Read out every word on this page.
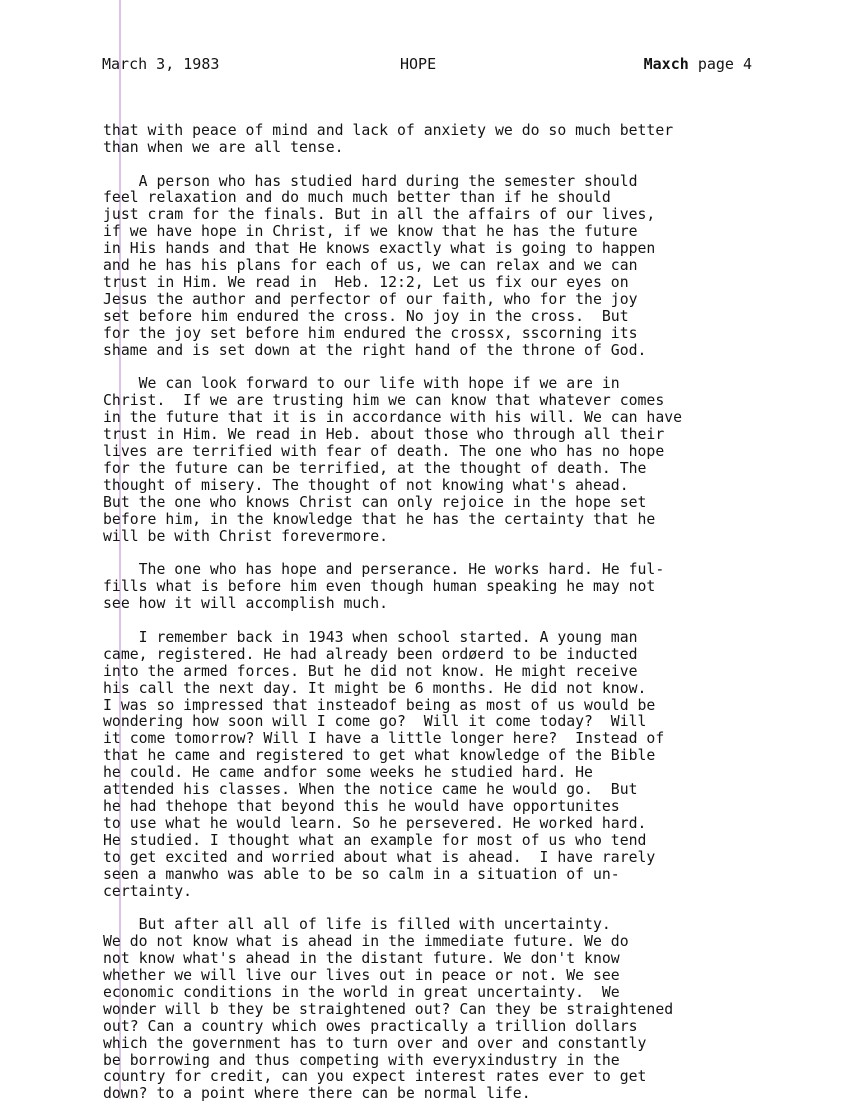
March 3, 1983	HOPE	Maxch page 4

that with peace of mind and lack of anxiety we do so much better
than when we are all tense.
A person who has studied hard during the semester should
feel relaxation and do much much better than if he should
just cram for the finals. But in all the affairs of our lives,
if we have hope in Christ, if we know that he has the future
in His hands and that He knows exactly what is going to happen
and he has his plans for each of us, we can relax and we can
trust in Him. We read in  Heb. 12:2, Let us fix our eyes on
Jesus the author and perfector of our faith, who for the joy
set before him endured the cross. No joy in the cross.  But
for the joy set before him endured the crossx, sscorning its
shame and is set down at the right hand of the throne of God.
We can look forward to our life with hope if we are in
Christ.  If we are trusting him we can know that whatever comes
in the future that it is in accordance with his will. We can have
trust in Him. We read in Heb. about those who through all their
lives are terrified with fear of death. The one who has no hope
for the future can be terrified, at the thought of death. The
thought of misery. The thought of not knowing what's ahead.
But the one who knows Christ can only rejoice in the hope set
before him, in the knowledge that he has the certainty that he
will be with Christ forevermore.
The one who has hope and perserance. He works hard. He ful-
fills what is before him even though human speaking he may not
see how it will accomplish much.
I remember back in 1943 when school started. A young man
came, registered. He had already been ordøerd to be inducted
into the armed forces. But he did not know. He might receive
his call the next day. It might be 6 months. He did not know.
I was so impressed that insteadof being as most of us would be
wondering how soon will I come go?  Will it come today?  Will
it come tomorrow? Will I have a little longer here?  Instead of
that he came and registered to get what knowledge of the Bible
he could. He came andfor some weeks he studied hard. He
attended his classes. When the notice came he would go.  But
he had thehope that beyond this he would have opportunites
to use what he would learn. So he persevered. He worked hard.
He studied. I thought what an example for most of us who tend
to get excited and worried about what is ahead.  I have rarely
seen a manwho was able to be so calm in a situation of un-
certainty.
But after all all of life is filled with uncertainty.
We do not know what is ahead in the immediate future. We do
not know what's ahead in the distant future. We don't know
whether we will live our lives out in peace or not. We see
economic conditions in the world in great uncertainty.  We
wonder will b they be straightened out? Can they be straightened
out? Can a country which owes practically a trillion dollars
which the government has to turn over and over and constantly
be borrowing and thus competing with everyxindustry in the
country for credit, can you expect interest rates ever to get
down? to a point where there can be normal life.
